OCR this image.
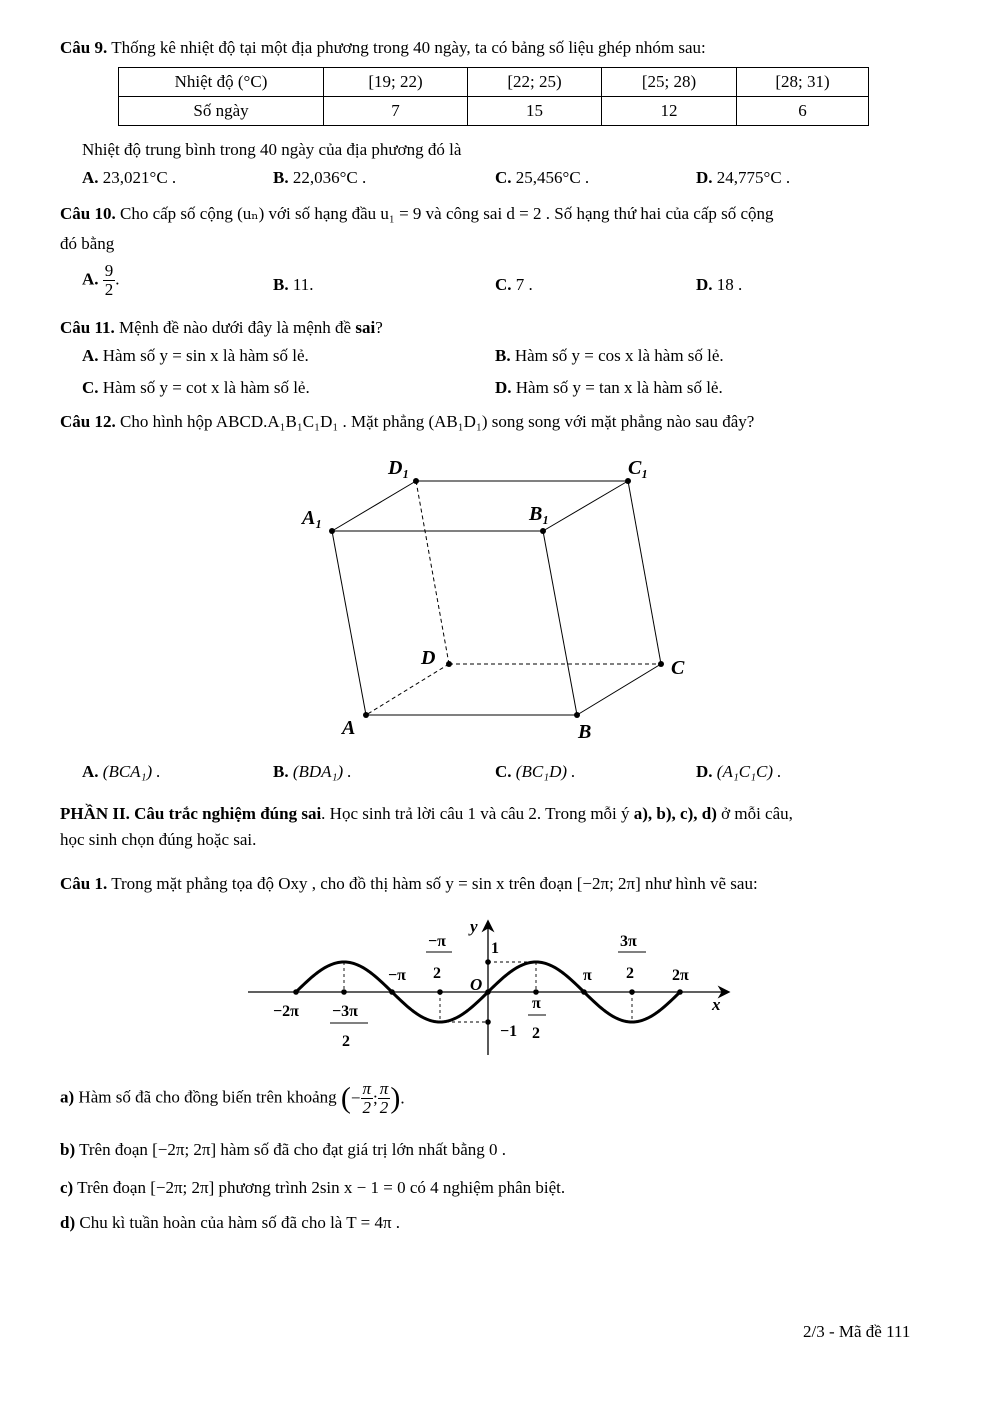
Câu 9. Thống kê nhiệt độ tại một địa phương trong 40 ngày, ta có bảng số liệu ghép nhóm sau:
Nhiệt độ (°C)	[19; 22)	[22; 25)	[25; 28)	[28; 31)
Số ngày	7	15	12	6
Nhiệt độ trung bình trong 40 ngày của địa phương đó là
A. 23,021°C .	B. 22,036°C .	C. 25,456°C .	D. 24,775°C .
Câu 10. Cho cấp số cộng (uₙ) với số hạng đầu u₁ = 9 và công sai d = 2 . Số hạng thứ hai của cấp số cộng
đó bằng
A. $\frac{9}{2}$ .	B. 11.	C. 7 .	D. 18 .
Câu 11. Mệnh đề nào dưới đây là mệnh đề sai?
A. Hàm số y = sin x là hàm số lẻ.	B. Hàm số y = cos x là hàm số lẻ.
C. Hàm số y = cot x là hàm số lẻ.	D. Hàm số y = tan x là hàm số lẻ.
Câu 12. Cho hình hộp ABCD.A₁B₁C₁D₁ . Mặt phẳng (AB₁D₁) song song với mặt phẳng nào sau đây?
D₁	C₁
A₁	B₁
D	C
A	B
A. (BCA₁) .	B. (BDA₁) .	C. (BC₁D) .	D. (A₁C₁C) .
PHẦN II. Câu trắc nghiệm đúng sai. Học sinh trả lời câu 1 và câu 2. Trong mỗi ý a), b), c), d) ở mỗi câu,
học sinh chọn đúng hoặc sai.
Câu 1. Trong mặt phẳng tọa độ Oxy , cho đồ thị hàm số y = sin x trên đoạn [−2π; 2π] như hình vẽ sau:
y
x
O
1
−1
−π
2
−π
3π
2
π	2π
−2π −3π
2
π
2
a) Hàm số đã cho đồng biến trên khoảng (− $\frac{\pi}{2}$ ; $\frac{\pi}{2}$ ).
b) Trên đoạn [−2π; 2π] hàm số đã cho đạt giá trị lớn nhất bằng 0 .
c) Trên đoạn [−2π; 2π] phương trình 2sin x − 1 = 0 có 4 nghiệm phân biệt.
d) Chu kì tuần hoàn của hàm số đã cho là T = 4π .
2/3 - Mã đề 111
